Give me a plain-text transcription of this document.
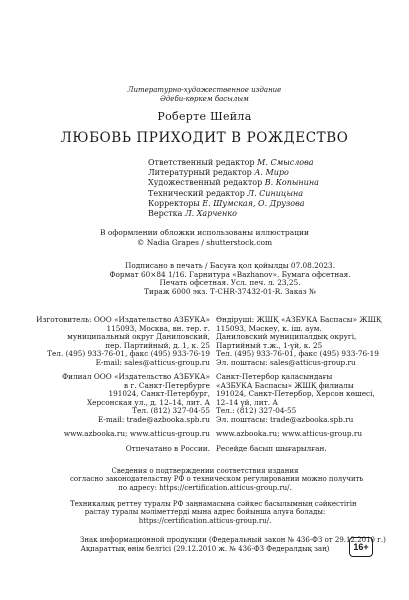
Литературно-художественное издание
Әдеби-көркем басылым
Роберте Шейла
ЛЮБОВЬ ПРИХОДИТ В РОЖДЕСТВО
Ответственный редактор М. Смыслова
Литературный редактор А. Миро
Художественный редактор В. Копынина
Технический редактор Л. Синицына
Корректоры Е. Шумская, О. Друзова
Верстка Л. Харченко
В оформлении обложки использованы иллюстрации
© Nadia Grapes / shutterstock.com
Подписано в печать / Басуға қол қойылды 07.08.2023.
Формат 60×84 1/16. Гарнитура «Bazhanov». Бумага офсетная.
Печать офсетная. Усл. печ. л. 23,25.
Тираж 6000 экз. Т-CHR-37432-01-R. Заказ №
Изготовитель: ООО «Издательство АЗБУКА»
115093, Москва, вн. тер. г.
муниципальный округ Даниловский,
пер. Партийный, д. 1, к. 25
Тел. (495) 933-76-01, факс (495) 933-76-19
E-mail: sales@atticus-group.ru
Филиал ООО «Издательство АЗБУКА»
в г. Санкт-Петербурге
191024, Санкт-Петербург,
Херсонская ул., д. 12–14, лит. А
Тел. (812) 327-04-55
E-mail: trade@azbooka.spb.ru
www.azbooka.ru; www.atticus-group.ru
Отпечатано в России.
Өндіруші: ЖШҚ «АЗБУКА Баспасы» ЖШҚ
115093, Мәскеу, к. іш. аум.
Даниловский муниципалдық округі,
Партийный т.ж., 1-үй, к. 25
Тел. (495) 933-76-01, факс (495) 933-76-19
Эл. поштасы: sales@atticus-group.ru
Санкт-Петербор қаласындағы
«АЗБУКА Баспасы» ЖШҚ филиалы
191024, Санкт-Петербор, Херсон көшесі,
12–14 үй, лит. А
Тел.: (812) 327-04-55
Эл. поштасы: trade@azbooka.spb.ru
www.azbooka.ru; www.atticus-group.ru
Ресейде басып шығарылған.
Сведения о подтверждении соответствия издания
согласно законодательству РФ о техническом регулировании можно получить
по адресу: https://certification.atticus-group.ru/.
Техникалық реттеу туралы РФ заңнамасына сәйкес басылымның сәйкестігін
растау туралы мәліметтерді мына адрес бойынша алуға болады:
https://certification.atticus-group.ru/.
Знак информационной продукции (Федеральный закон № 436-ФЗ от 29.12.2010 г.)
Ақпараттық өнім белгісі (29.12.2010 ж. № 436-ФЗ Федералдық заң)	16+
